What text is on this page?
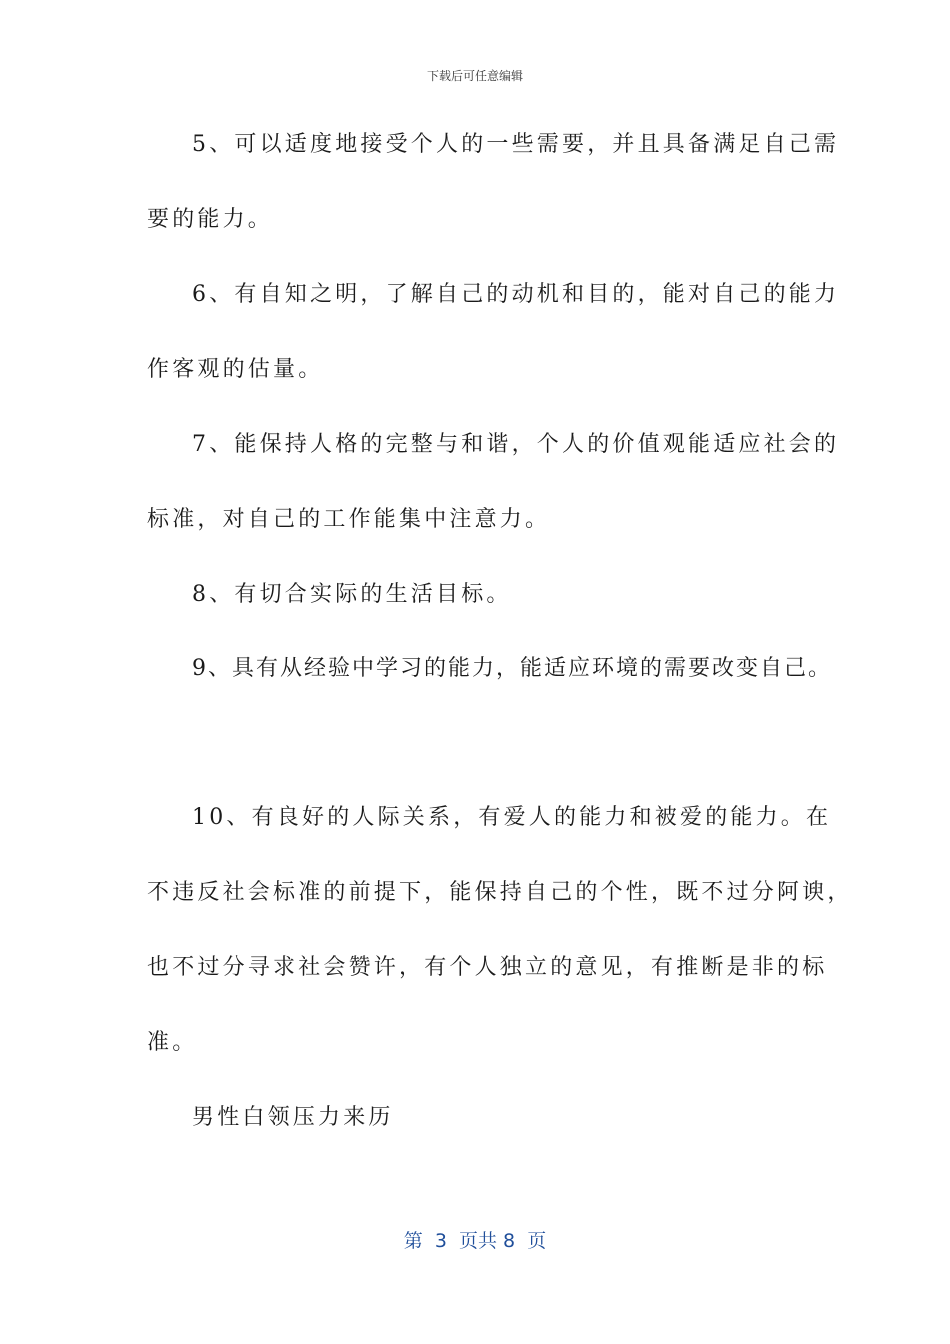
下载后可任意编辑
5、可以适度地接受个人的一些需要，并且具备满足自己需
要的能力。
6、有自知之明，了解自己的动机和目的，能对自己的能力
作客观的估量。
7、能保持人格的完整与和谐，个人的价值观能适应社会的
标准，对自己的工作能集中注意力。
8、有切合实际的生活目标。
9、具有从经验中学习的能力，能适应环境的需要改变自己。
10、有良好的人际关系，有爱人的能力和被爱的能力。在
不违反社会标准的前提下，能保持自己的个性，既不过分阿谀，
也不过分寻求社会赞许，有个人独立的意见，有推断是非的标
准。
男性白领压力来历
第  3  页共 8  页
